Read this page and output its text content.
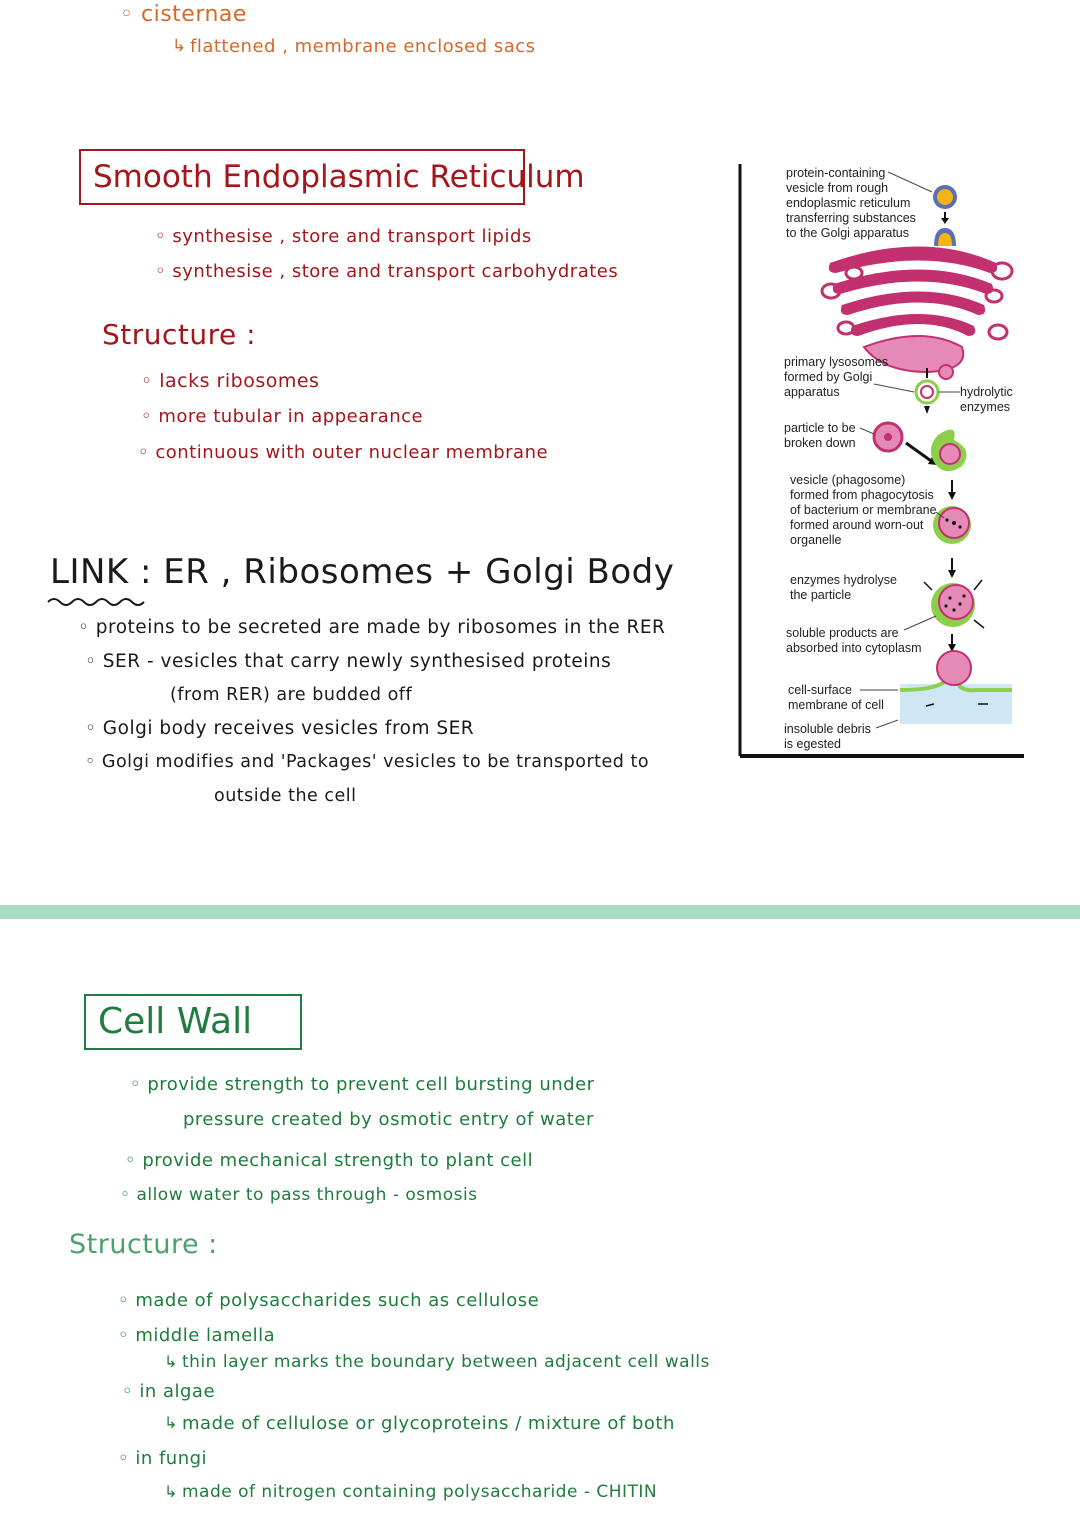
◦ cisternae
↳ flattened , membrane enclosed sacs
Smooth Endoplasmic Reticulum
◦ synthesise , store and transport lipids
◦ synthesise , store and transport carbohydrates
Structure :
◦ lacks ribosomes
◦ more tubular in appearance
◦ continuous with outer nuclear membrane
LINK : ER , Ribosomes + Golgi Body
◦ proteins to be secreted are made by ribosomes in the RER
◦ SER - vesicles that carry newly synthesised proteins
(from RER) are budded off
◦ Golgi body receives vesicles from SER
◦ Golgi modifies and 'Packages' vesicles to be transported to
outside the cell
protein-containing
vesicle from rough
endoplasmic reticulum
transferring substances
to the Golgi apparatus
primary lysosomes
formed by Golgi
apparatus	hydrolytic
enzymes
particle to be
broken down
vesicle (phagosome)
formed from phagocytosis
of bacterium or membrane
formed around worn-out
organelle
enzymes hydrolyse
the particle
soluble products are
absorbed into cytoplasm
cell-surface
membrane of cell
insoluble debris
is egested
Cell Wall
◦ provide strength to prevent cell bursting under
pressure created by osmotic entry of water
◦ provide mechanical strength to plant cell
◦ allow water to pass through - osmosis
Structure :
◦ made of polysaccharides such as cellulose
◦ middle lamella
↳ thin layer marks the boundary between adjacent cell walls
◦ in algae
↳ made of cellulose or glycoproteins / mixture of both
◦ in fungi
↳ made of nitrogen containing polysaccharide - CHITIN
